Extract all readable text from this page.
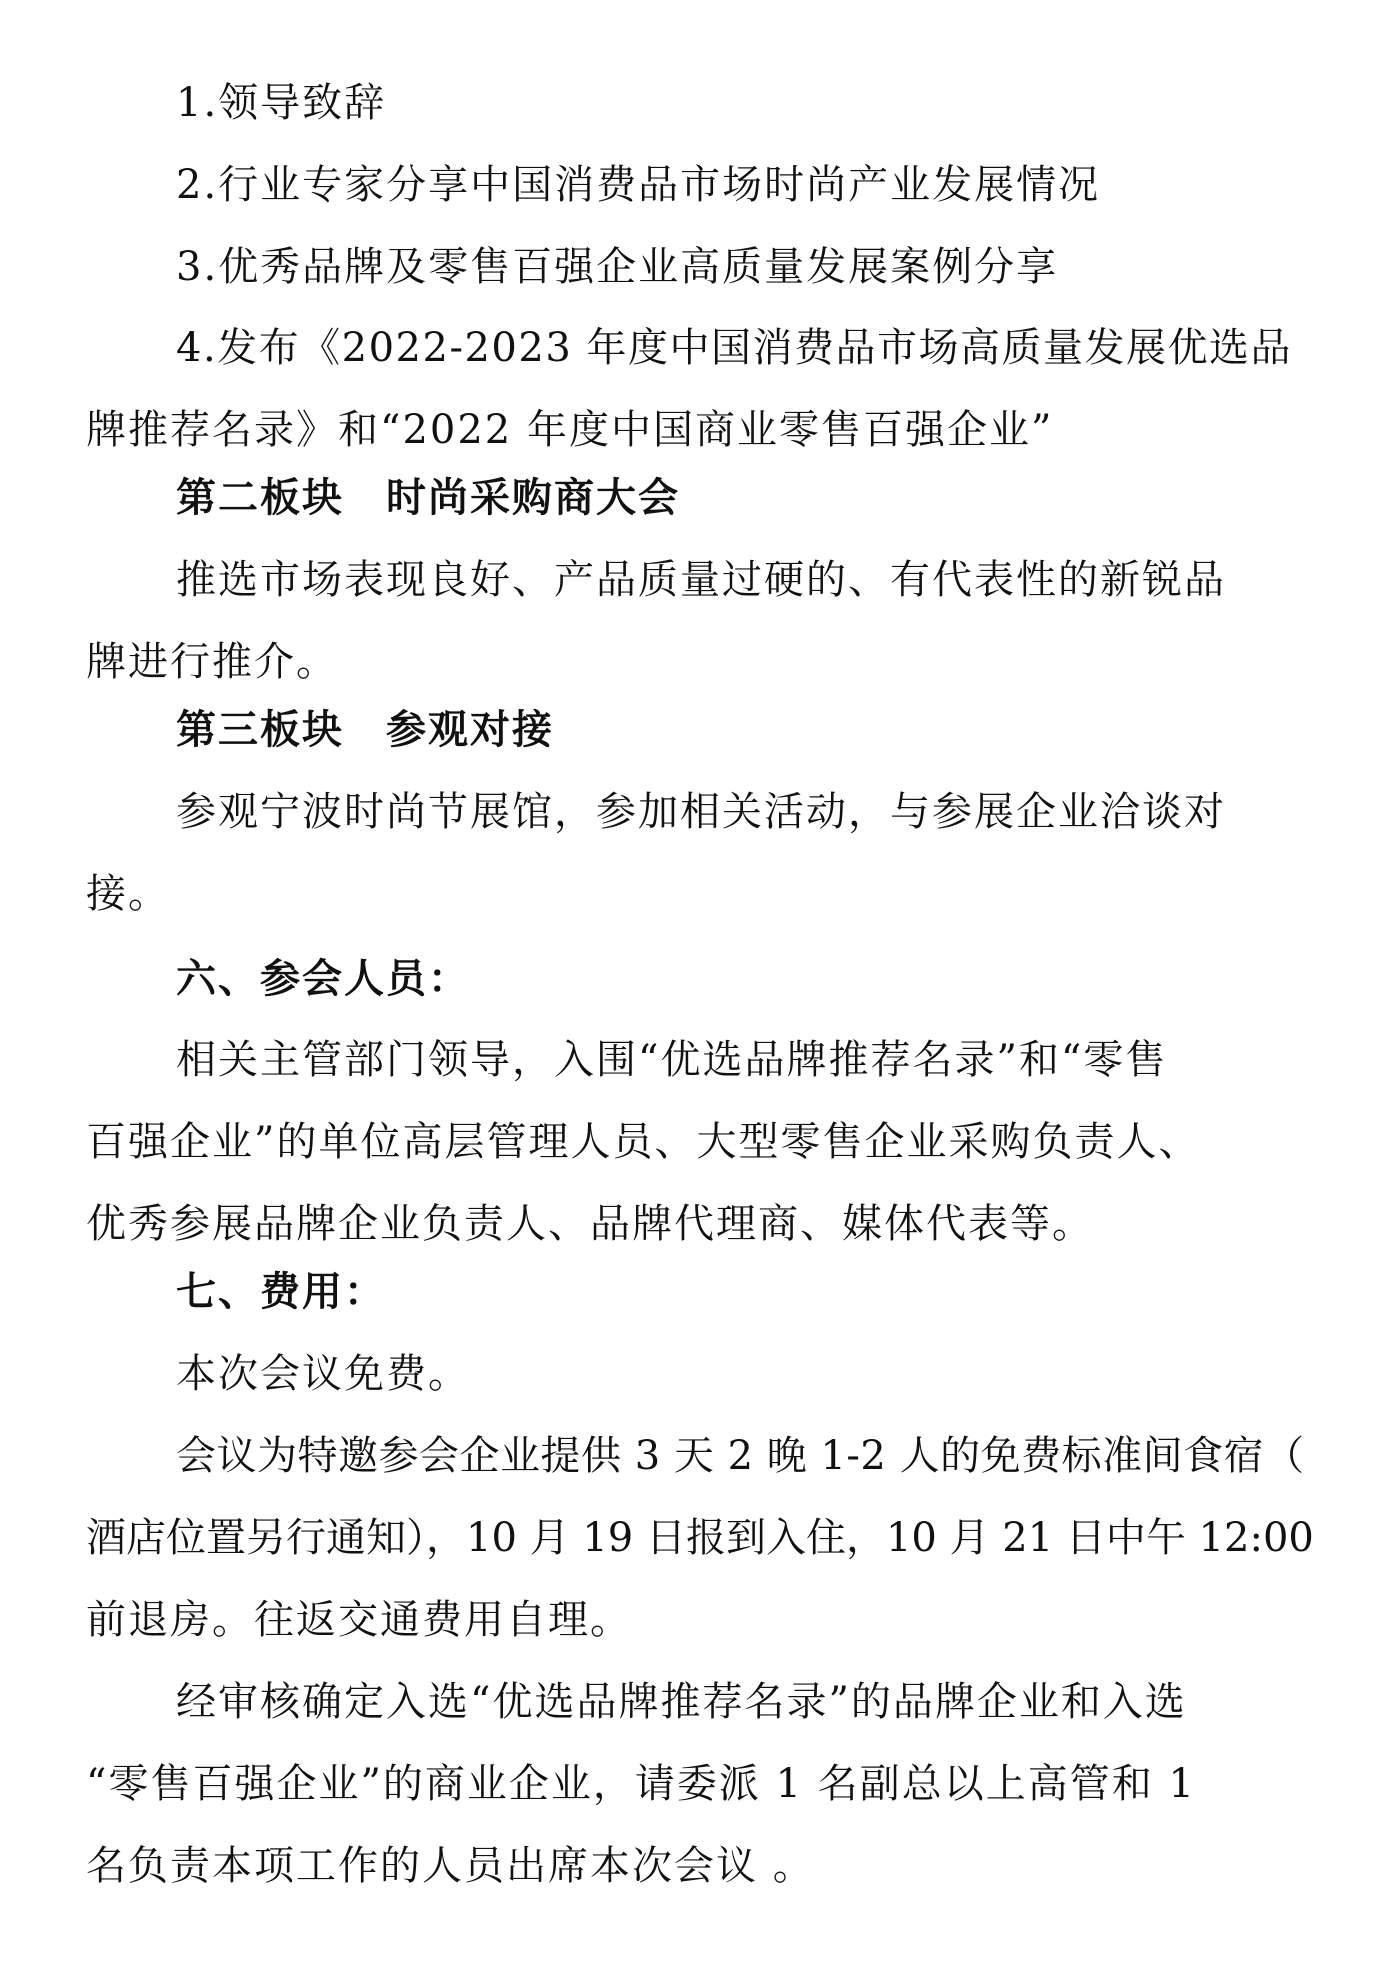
1.领导致辞
2.行业专家分享中国消费品市场时尚产业发展情况
3.优秀品牌及零售百强企业高质量发展案例分享
4.发布《2022-2023 年度中国消费品市场高质量发展优选品
牌推荐名录》和“2022 年度中国商业零售百强企业”
第二板块　时尚采购商大会
推选市场表现良好、产品质量过硬的、有代表性的新锐品
牌进行推介。
第三板块　参观对接
参观宁波时尚节展馆，参加相关活动，与参展企业洽谈对
接。
六、参会人员：
相关主管部门领导，入围“优选品牌推荐名录”和“零售
百强企业”的单位高层管理人员、大型零售企业采购负责人、
优秀参展品牌企业负责人、品牌代理商、媒体代表等。
七、费用：
本次会议免费。
会议为特邀参会企业提供 3 天 2 晚 1-2 人的免费标准间食宿（
酒店位置另行通知），10 月 19 日报到入住，10 月 21 日中午 12:00
前退房。往返交通费用自理。
经审核确定入选“优选品牌推荐名录”的品牌企业和入选
“零售百强企业”的商业企业，请委派 1 名副总以上高管和 1
名负责本项工作的人员出席本次会议 。
